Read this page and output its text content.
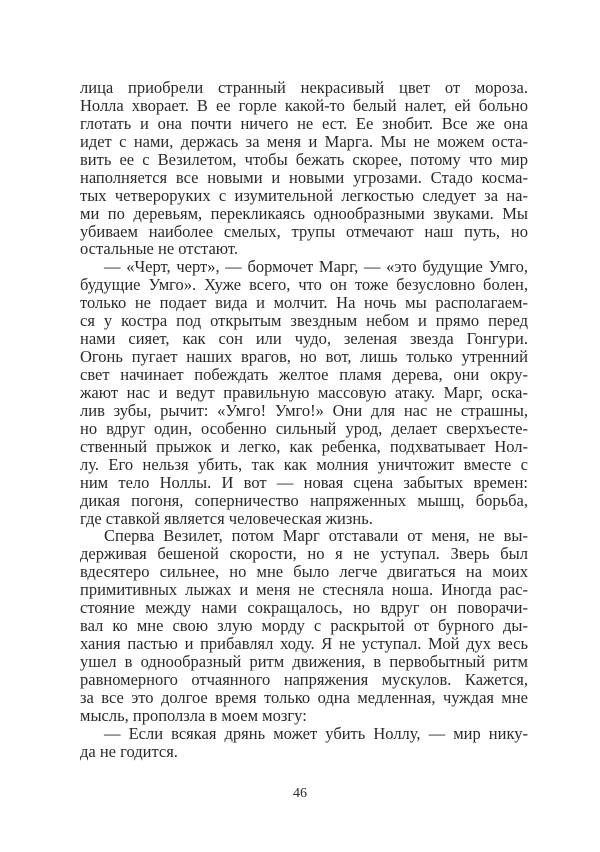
лица приобрели странный некрасивый цвет от мороза.
Нолла хворает. В ее горле какой-то белый налет, ей больно
глотать и она почти ничего не ест. Ее знобит. Все же она
идет с нами, держась за меня и Марга. Мы не можем оста-
вить ее с Везилетом, чтобы бежать скорее, потому что мир
наполняется все новыми и новыми угрозами. Стадо косма-
тых четвероруких с изумительной легкостью следует за на-
ми по деревьям, перекликаясь однообразными звуками. Мы
убиваем наиболее смелых, трупы отмечают наш путь, но
остальные не отстают.
— «Черт, черт», — бормочет Марг, — «это будущие Умго,
будущие Умго». Хуже всего, что он тоже безусловно болен,
только не подает вида и молчит. На ночь мы располагаем-
ся у костра под открытым звездным небом и прямо перед
нами сияет, как сон или чудо, зеленая звезда Гонгури.
Огонь пугает наших врагов, но вот, лишь только утренний
свет начинает побеждать желтое пламя дерева, они окру-
жают нас и ведут правильную массовую атаку. Марг, оска-
лив зубы, рычит: «Умго! Умго!» Они для нас не страшны,
но вдруг один, особенно сильный урод, делает сверхъесте-
ственный прыжок и легко, как ребенка, подхватывает Нол-
лу. Его нельзя убить, так как молния уничтожит вместе с
ним тело Ноллы. И вот — новая сцена забытых времен:
дикая погоня, соперничество напряженных мышц, борьба,
где ставкой является человеческая жизнь.
Сперва Везилет, потом Марг отставали от меня, не вы-
держивая бешеной скорости, но я не уступал. Зверь был
вдесятеро сильнее, но мне было легче двигаться на моих
примитивных лыжах и меня не стесняла ноша. Иногда рас-
стояние между нами сокращалось, но вдруг он поворачи-
вал ко мне свою злую морду с раскрытой от бурного ды-
хания пастью и прибавлял ходу. Я не уступал. Мой дух весь
ушел в однообразный ритм движения, в первобытный ритм
равномерного отчаянного напряжения мускулов. Кажется,
за все это долгое время только одна медленная, чуждая мне
мысль, проползла в моем мозгу:
— Если всякая дрянь может убить Ноллу, — мир нику-
да не годится.
46
